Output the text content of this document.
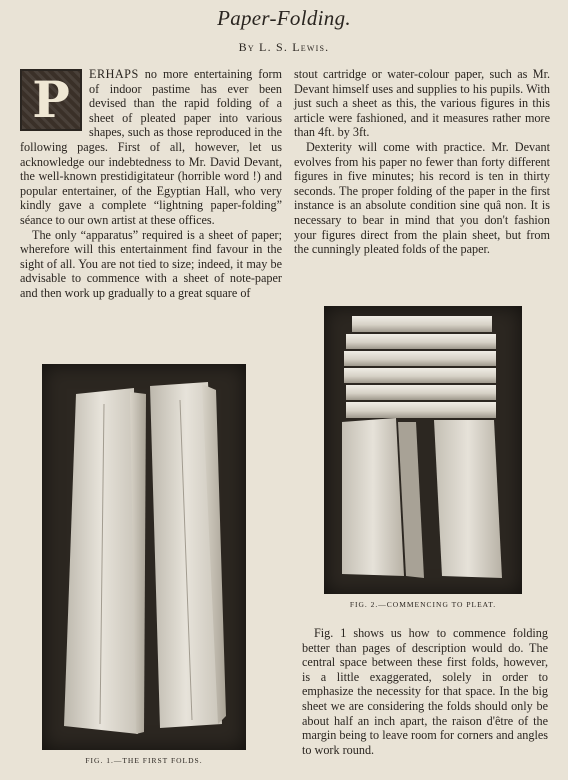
Paper-Folding.
By L. S. Lewis.

P	ERHAPS no more entertaining form of indoor pastime has ever been devised than the rapid folding of a sheet of pleated paper into various shapes, such as those reproduced in the following pages. First of all, however, let us acknowledge our indebtedness to Mr. David Devant, the well-known prestidigitateur (horrible word !) and popular entertainer, of the Egyptian Hall, who very kindly gave a complete “lightning paper-folding” séance to our own artist at these offices.

The only “apparatus” required is a sheet of paper; wherefore will this entertainment find favour in the sight of all. You are not tied to size; indeed, it may be advisable to commence with a sheet of note-paper and then work up gradually to a great square of

stout cartridge or water-colour paper, such as Mr. Devant himself uses and supplies to his pupils. With just such a sheet as this, the various figures in this article were fashioned, and it measures rather more than 4ft. by 3ft.

Dexterity will come with practice. Mr. Devant evolves from his paper no fewer than forty different figures in five minutes; his record is ten in thirty seconds. The proper folding of the paper in the first instance is an absolute condition sine quâ non. It is necessary to bear in mind that you don't fashion your figures direct from the plain sheet, but from the cunningly pleated folds of the paper.

FIG. 1.—THE FIRST FOLDS.
FIG. 2.—COMMENCING TO PLEAT.

Fig. 1 shows us how to commence folding better than pages of description would do. The central space between these first folds, however, is a little exaggerated, solely in order to emphasize the necessity for that space. In the big sheet we are considering the folds should only be about half an inch apart, the raison d'être of the margin being to leave room for corners and angles to work round.
